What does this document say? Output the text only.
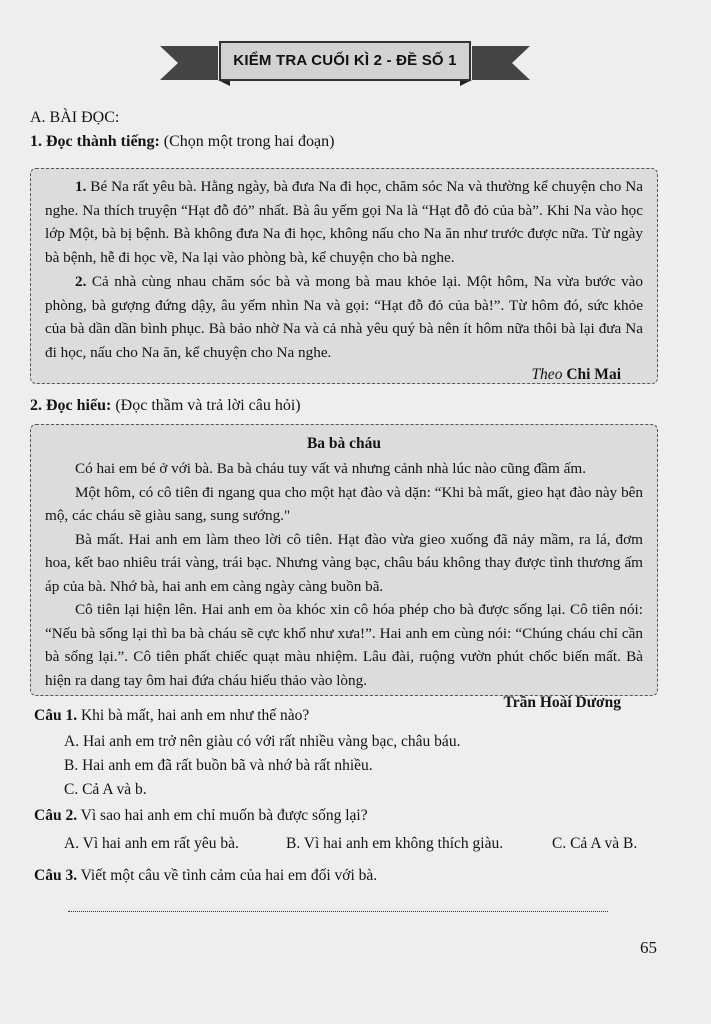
KIỂM TRA CUỐI KÌ 2 - ĐỀ SỐ 1
A. BÀI ĐỌC:
1. Đọc thành tiếng: (Chọn một trong hai đoạn)

1. Bé Na rất yêu bà. Hằng ngày, bà đưa Na đi học, chăm sóc Na và thường kể chuyện cho Na nghe. Na thích truyện “Hạt đỗ đỏ” nhất. Bà âu yếm gọi Na là “Hạt đỗ đỏ của bà”. Khi Na vào học lớp Một, bà bị bệnh. Bà không đưa Na đi học, không nấu cho Na ăn như trước được nữa. Từ ngày bà bệnh, hễ đi học về, Na lại vào phòng bà, kể chuyện cho bà nghe.

2. Cả nhà cùng nhau chăm sóc bà và mong bà mau khỏe lại. Một hôm, Na vừa bước vào phòng, bà gượng đứng dậy, âu yếm nhìn Na và gọi: “Hạt đỗ đỏ của bà!”. Từ hôm đó, sức khỏe của bà dần dần bình phục. Bà bảo nhờ Na và cả nhà yêu quý bà nên ít hôm nữa thôi bà lại đưa Na đi học, nấu cho Na ăn, kể chuyện cho Na nghe.

Theo Chi Mai
2. Đọc hiểu: (Đọc thầm và trả lời câu hỏi)
Ba bà cháu

Có hai em bé ở với bà. Ba bà cháu tuy vất vả nhưng cảnh nhà lúc nào cũng đầm ấm.

Một hôm, có cô tiên đi ngang qua cho một hạt đào và dặn: “Khi bà mất, gieo hạt đào này bên mộ, các cháu sẽ giàu sang, sung sướng."

Bà mất. Hai anh em làm theo lời cô tiên. Hạt đào vừa gieo xuống đã nảy mầm, ra lá, đơm hoa, kết bao nhiêu trái vàng, trái bạc. Nhưng vàng bạc, châu báu không thay được tình thương ấm áp của bà. Nhớ bà, hai anh em càng ngày càng buồn bã.

Cô tiên lại hiện lên. Hai anh em òa khóc xin cô hóa phép cho bà được sống lại. Cô tiên nói: “Nếu bà sống lại thì ba bà cháu sẽ cực khổ như xưa!”. Hai anh em cùng nói: “Chúng cháu chỉ cần bà sống lại.”. Cô tiên phất chiếc quạt màu nhiệm. Lâu đài, ruộng vườn phút chốc biến mất. Bà hiện ra dang tay ôm hai đứa cháu hiếu thảo vào lòng.

Trần Hoài Dương
Câu 1. Khi bà mất, hai anh em như thế nào?
A. Hai anh em trở nên giàu có với rất nhiều vàng bạc, châu báu.
B. Hai anh em đã rất buồn bã và nhớ bà rất nhiều.
C. Cả A và b.
Câu 2. Vì sao hai anh em chỉ muốn bà được sống lại?
A. Vì hai anh em rất yêu bà.	B. Vì hai anh em không thích giàu.	C. Cả A và B.
Câu 3. Viết một câu về tình cảm của hai em đối với bà.
65
